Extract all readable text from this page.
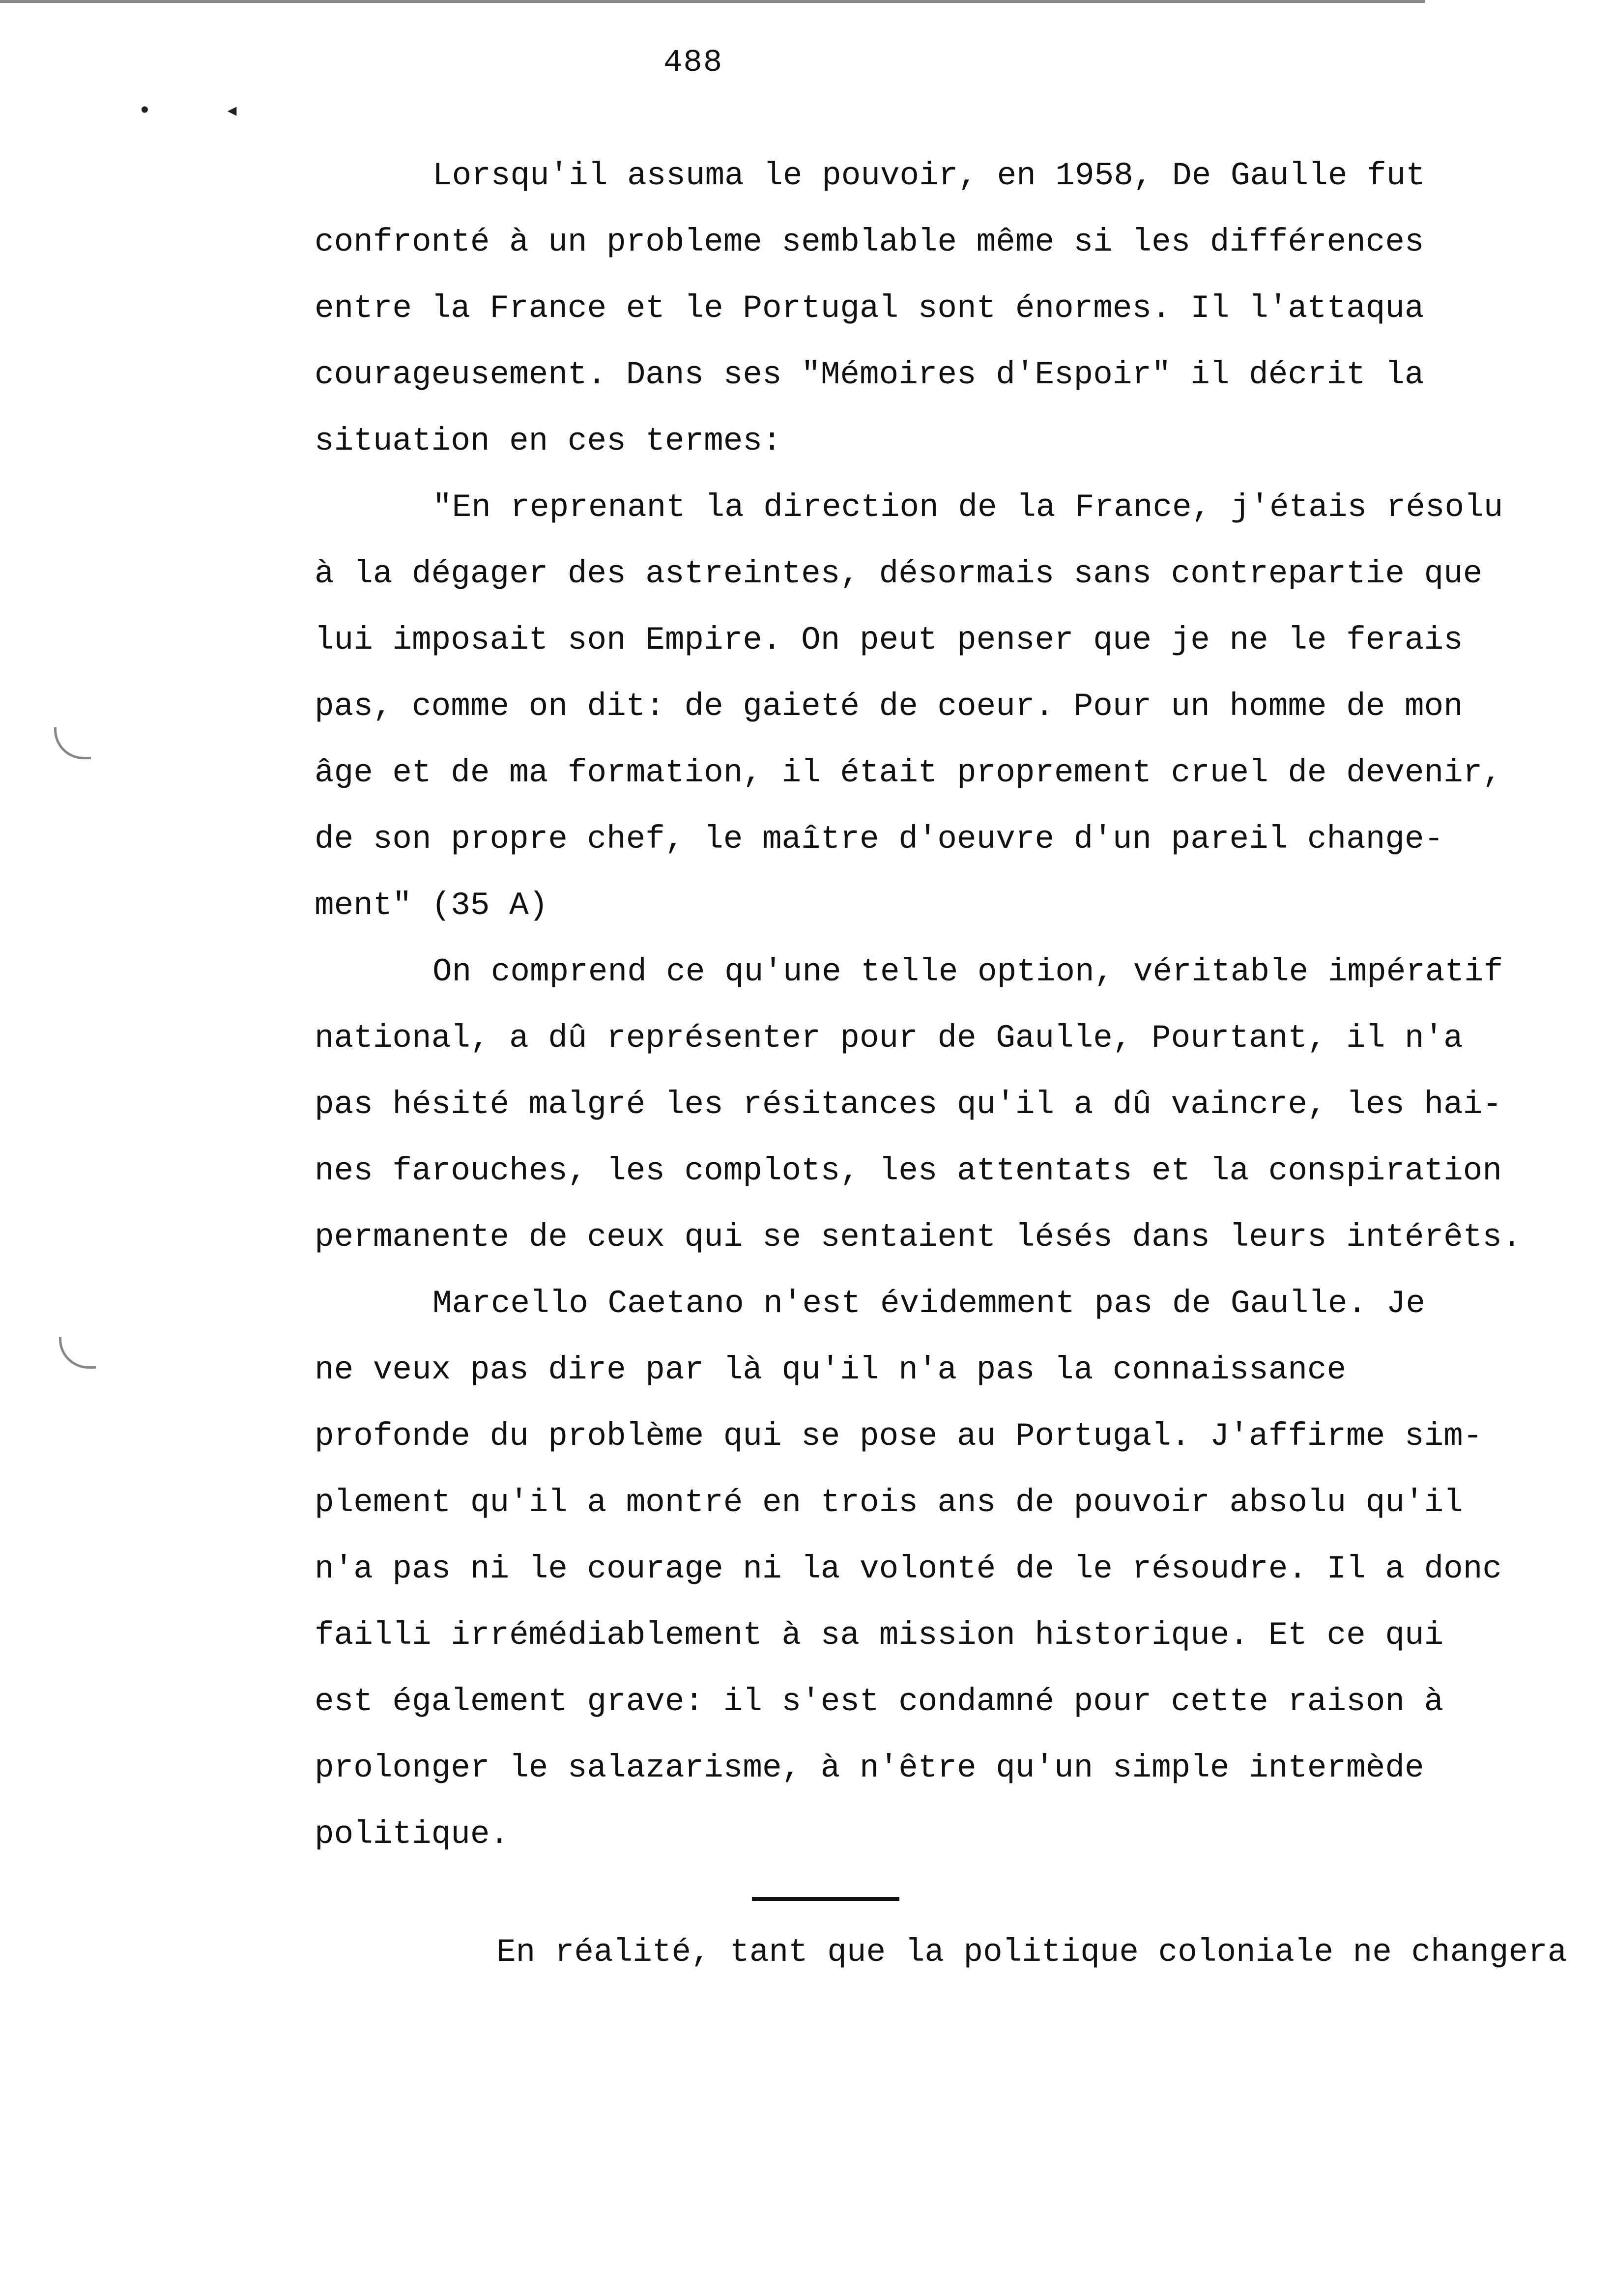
488
• ◂
Lorsqu'il assuma le pouvoir, en 1958, De Gaulle fut
confronté à un probleme semblable même si les différences
entre la France et le Portugal sont énormes. Il l'attaqua
courageusement. Dans ses "Mémoires d'Espoir" il décrit la
situation en ces termes:
"En reprenant la direction de la France, j'étais résolu
à la dégager des astreintes, désormais sans contrepartie que
lui imposait son Empire. On peut penser que je ne le ferais
pas, comme on dit: de gaieté de coeur. Pour un homme de mon
âge et de ma formation, il était proprement cruel de devenir,
de son propre chef, le maître d'oeuvre d'un pareil change-
ment" (35 A)
On comprend ce qu'une telle option, véritable impératif
national, a dû représenter pour de Gaulle, Pourtant, il n'a
pas hésité malgré les résitances qu'il a dû vaincre, les hai-
nes farouches, les complots, les attentats et la conspiration
permanente de ceux qui se sentaient lésés dans leurs intérêts.
Marcello Caetano n'est évidemment pas de Gaulle. Je
ne veux pas dire par là qu'il n'a pas la connaissance
profonde du problème qui se pose au Portugal. J'affirme sim-
plement qu'il a montré en trois ans de pouvoir absolu qu'il
n'a pas ni le courage ni la volonté de le résoudre. Il a donc
failli irrémédiablement à sa mission historique. Et ce qui
est également grave: il s'est condamné pour cette raison à
prolonger le salazarisme, à n'être qu'un simple intermède
politique.
En réalité, tant que la politique coloniale ne changera
